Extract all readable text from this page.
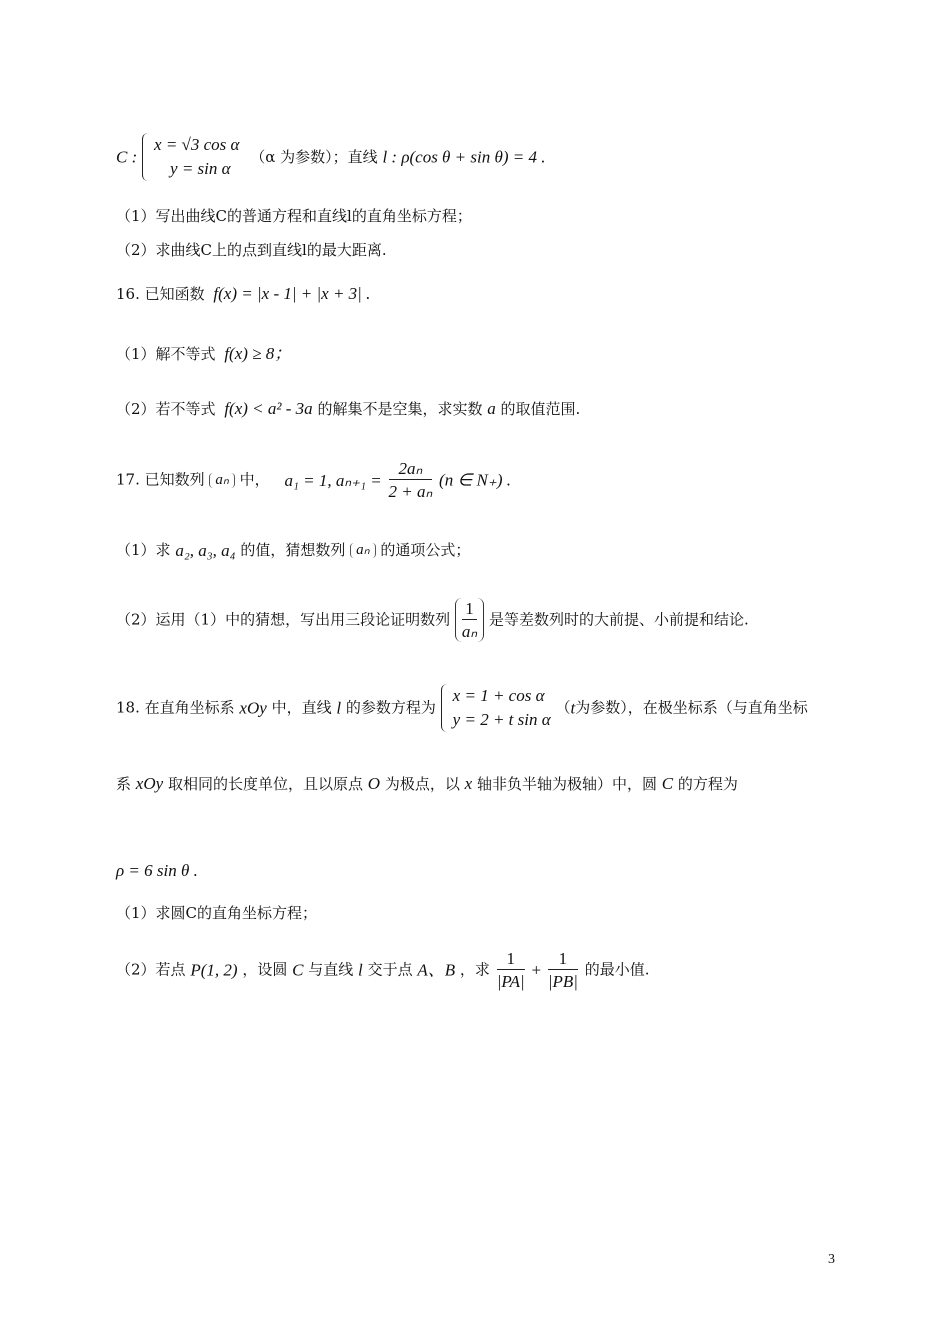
C :
x = √3 cos α
y = sin α
（α 为参数）；直线 l : ρ(cos θ + sin θ) = 4 .
（1）写出曲线C的普通方程和直线l的直角坐标方程；
（2）求曲线C上的点到直线l的最大距离.
16. 已知函数 f(x) = |x - 1| + |x + 3| .
（1）解不等式 f(x) ≥ 8；
（2）若不等式 f(x) < a² - 3a 的解集不是空集，求实数 a 的取值范围.
17. 已知数列 aₙ 中， a₁ = 1, $a_{n+1} = \frac{\text{2aₙ}}{\text{2 + aₙ}} (n$ ∈ N₊) .
（1）求 a₂, a₃, a₄ 的值，猜想数列 aₙ 的通项公式；
（2）运用（1）中的猜想，写出用三段论证明数列 $\frac{1}{\text{aₙ}}$ 是等差数列时的大前提、小前提和结论.
18. 在直角坐标系 xOy 中，直线 l 的参数方程为
x = 1 + cos α
y = 2 + t sin α
（t为参数），在极坐标系（与直角坐标
系 xOy 取相同的长度单位，且以原点 O 为极点，以 x 轴非负半轴为极轴）中，圆 C 的方程为
ρ = 6 sin θ .
（1）求圆C的直角坐标方程；
（2）若点 P(1, 2) ，设圆 C 与直线 l 交于点 A、B ，求 $\frac{1}{|PA|} + \frac{1}{|PB|}$ 的最小值.
3
